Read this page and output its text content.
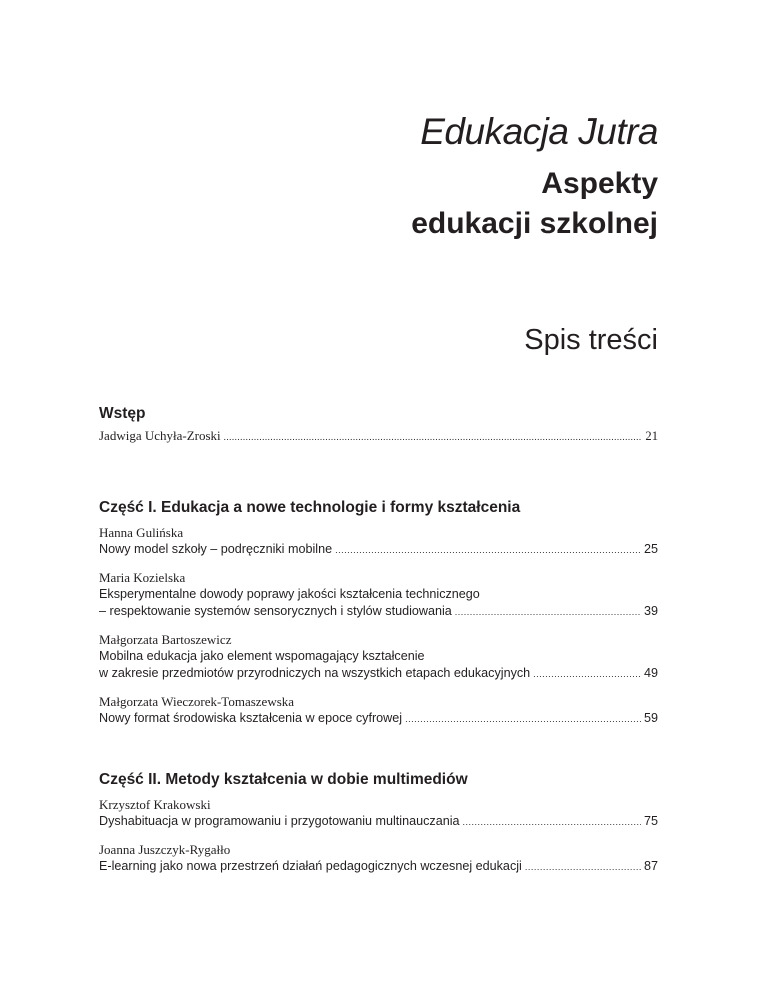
Edukacja Jutra
Aspekty
edukacji szkolnej
Spis treści
Wstęp
Jadwiga Uchyła-Zroski .....	21
Część I. Edukacja a nowe technologie i formy kształcenia
Hanna Gulińska
Nowy model szkoły – podręczniki mobilne .....	25
Maria Kozielska
Eksperymentalne dowody poprawy jakości kształcenia technicznego
– respektowanie systemów sensorycznych i stylów studiowania .....	39
Małgorzata Bartoszewicz
Mobilna edukacja jako element wspomagający kształcenie
w zakresie przedmiotów przyrodniczych na wszystkich etapach edukacyjnych .....	49
Małgorzata Wieczorek-Tomaszewska
Nowy format środowiska kształcenia w epoce cyfrowej .....	59
Część II. Metody kształcenia w dobie multimediów
Krzysztof Krakowski
Dyshabituacja w programowaniu i przygotowaniu multinauczania .....	75
Joanna Juszczyk-Rygałło
E-learning jako nowa przestrzeń działań pedagogicznych wczesnej edukacji .....	87
